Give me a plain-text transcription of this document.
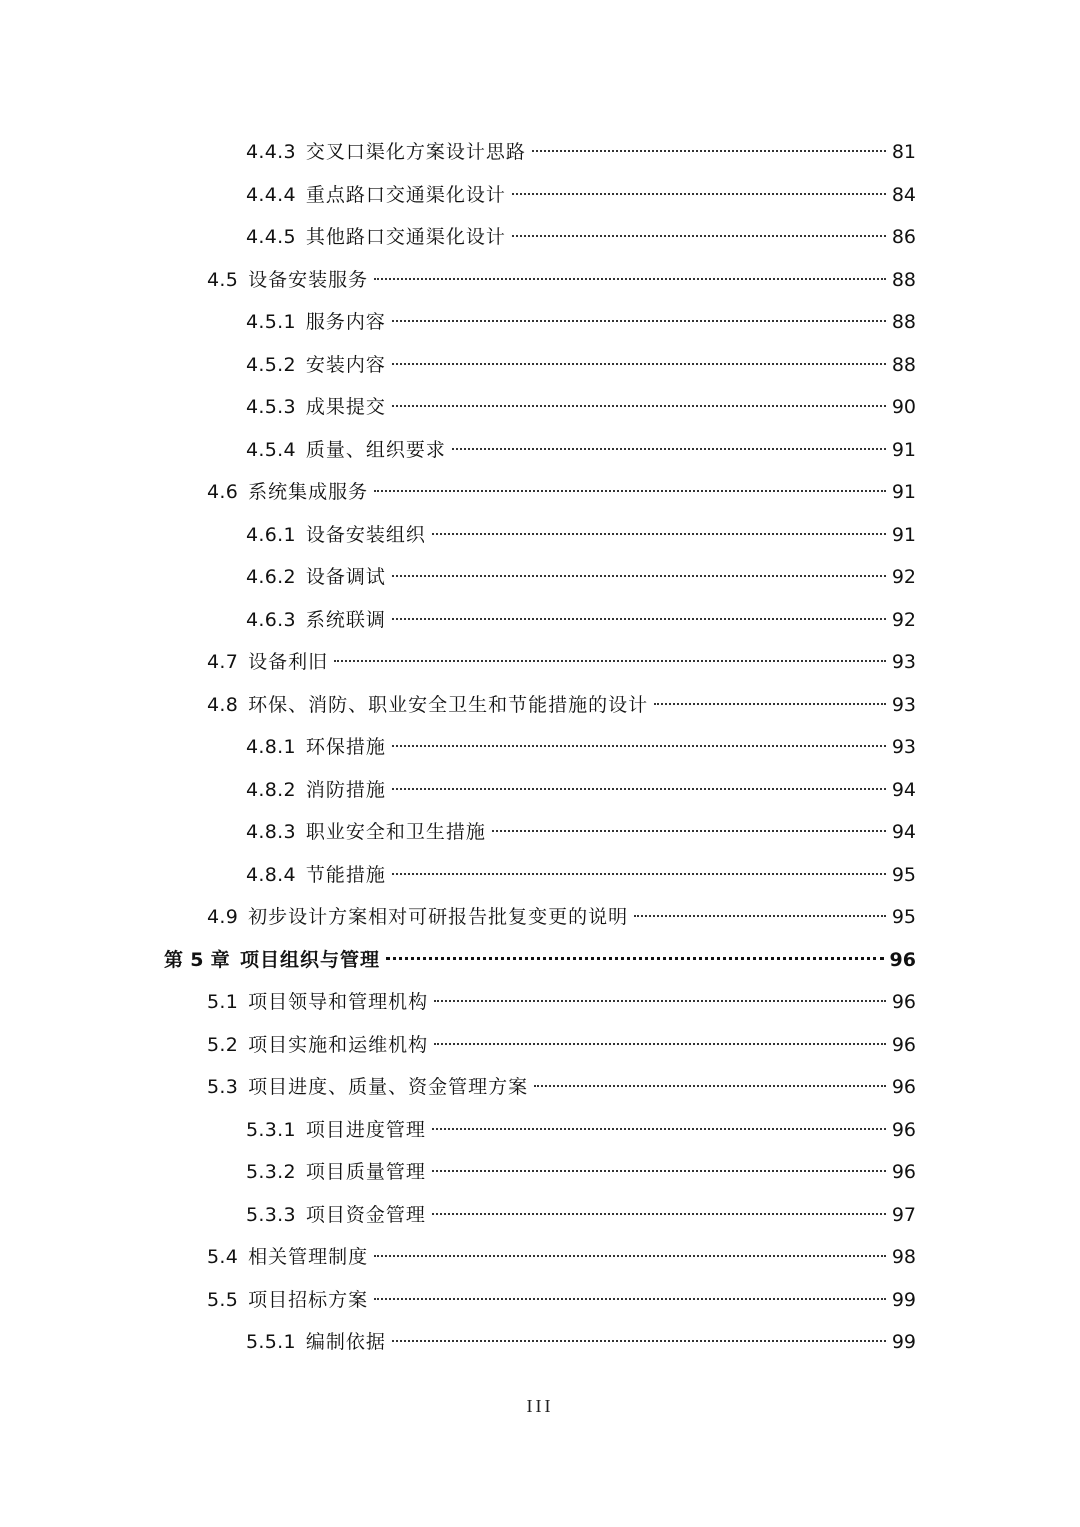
4.4.3 交叉口渠化方案设计思路	81
4.4.4 重点路口交通渠化设计	84
4.4.5 其他路口交通渠化设计	86
4.5 设备安装服务	88
4.5.1 服务内容	88
4.5.2 安装内容	88
4.5.3 成果提交	90
4.5.4 质量、组织要求	91
4.6 系统集成服务	91
4.6.1 设备安装组织	91
4.6.2 设备调试	92
4.6.3 系统联调	92
4.7 设备利旧	93
4.8 环保、消防、职业安全卫生和节能措施的设计	93
4.8.1 环保措施	93
4.8.2 消防措施	94
4.8.3 职业安全和卫生措施	94
4.8.4 节能措施	95
4.9 初步设计方案相对可研报告批复变更的说明	95
第 5 章 项目组织与管理	96
5.1 项目领导和管理机构	96
5.2 项目实施和运维机构	96
5.3 项目进度、质量、资金管理方案	96
5.3.1 项目进度管理	96
5.3.2 项目质量管理	96
5.3.3 项目资金管理	97
5.4 相关管理制度	98
5.5 项目招标方案	99
5.5.1 编制依据	99
III
